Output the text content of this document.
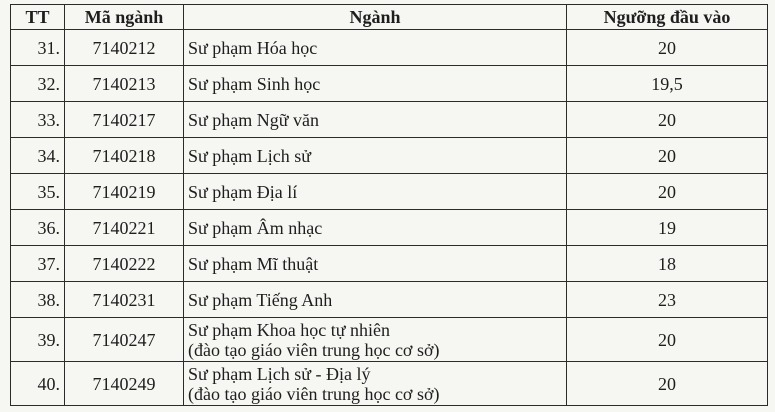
TT	Mã ngành	Ngành	Ngưỡng đầu vào
31.	7140212	Sư phạm Hóa học	20
32.	7140213	Sư phạm Sinh học	19,5
33.	7140217	Sư phạm Ngữ văn	20
34.	7140218	Sư phạm Lịch sử	20
35.	7140219	Sư phạm Địa lí	20
36.	7140221	Sư phạm Âm nhạc	19
37.	7140222	Sư phạm Mĩ thuật	18
38.	7140231	Sư phạm Tiếng Anh	23
39.	7140247	Sư phạm Khoa học tự nhiên
(đào tạo giáo viên trung học cơ sở)	20
40.	7140249	Sư phạm Lịch sử - Địa lý
(đào tạo giáo viên trung học cơ sở)	20
